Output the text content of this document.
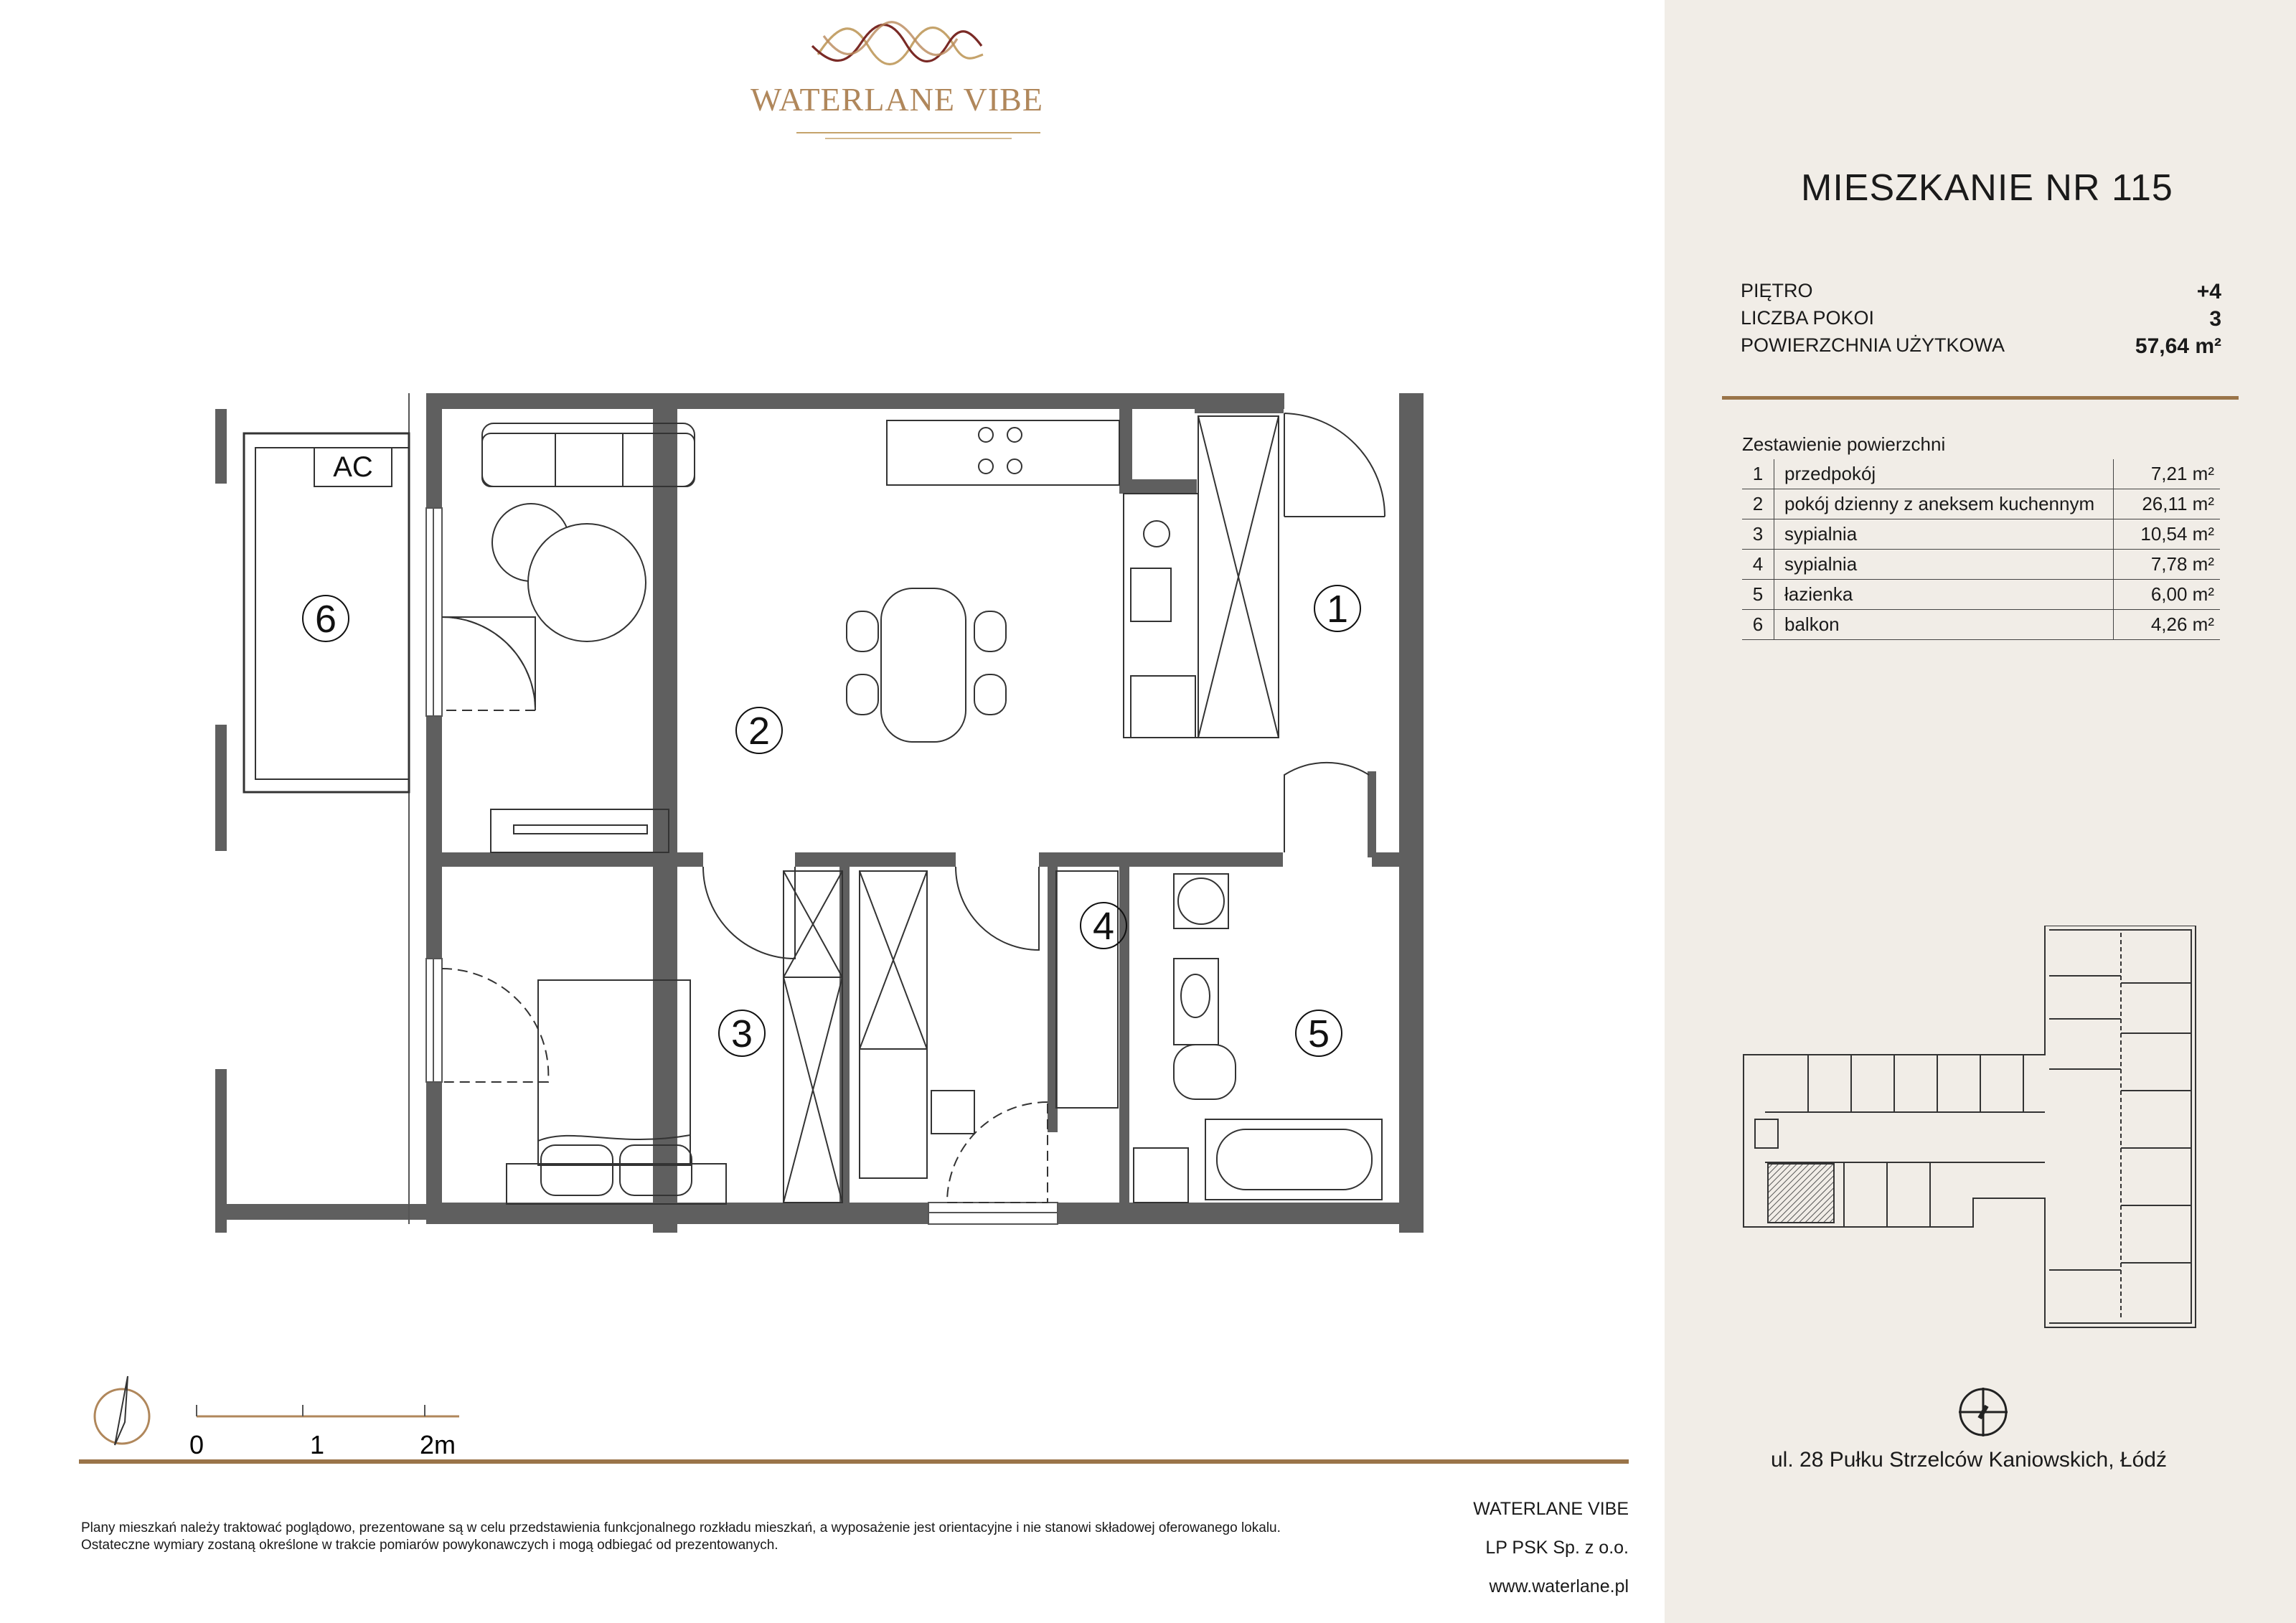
WATERLANE VIBE
AC
1
2
3
4
5
6
MIESZKANIE NR 115
PIĘTRO	+4
LICZBA POKOI	3
POWIERZCHNIA UŻYTKOWA	57,64 m²
Zestawienie powierzchni
1	przedpokój	7,21 m²
2	pokój dzienny z aneksem kuchennym	26,11 m²
3	sypialnia	10,54 m²
4	sypialnia	7,78 m²
5	łazienka	6,00 m²
6	balkon	4,26 m²
ul. 28 Pułku Strzelców Kaniowskich, Łódź
0	1	2m
Plany mieszkań należy traktować poglądowo, prezentowane są w celu przedstawienia funkcjonalnego rozkładu mieszkań, a wyposażenie jest orientacyjne i nie stanowi składowej oferowanego lokalu.
Ostateczne wymiary zostaną określone w trakcie pomiarów powykonawczych i mogą odbiegać od prezentowanych.
WATERLANE VIBE
LP PSK Sp. z o.o.
www.waterlane.pl
